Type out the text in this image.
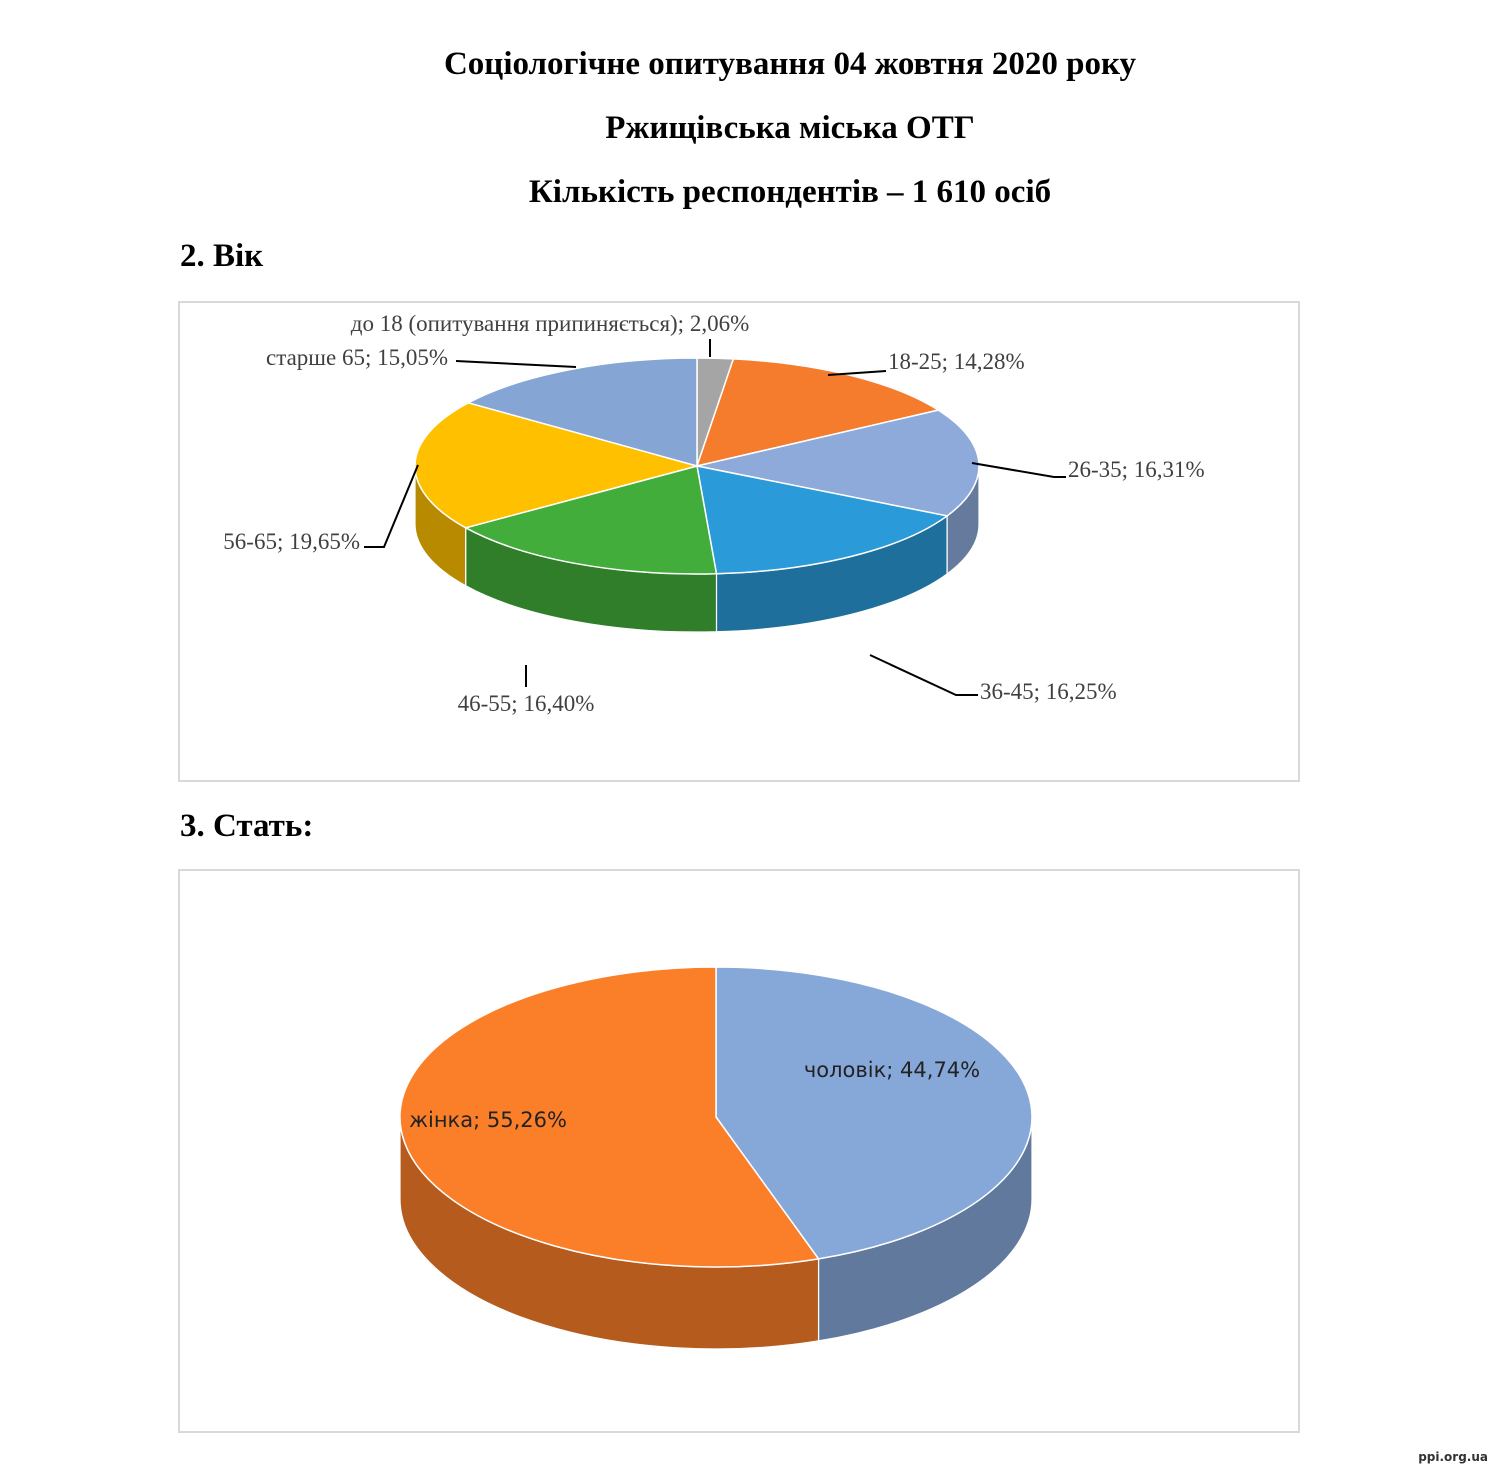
Соціологічне опитування 04 жовтня 2020 року
Ржищівська міська ОТГ
Кількість респондентів – 1 610 осіб
2. Вік
до 18 (опитування припиняється); 2,06%
18-25; 14,28%
26-35; 16,31%
36-45; 16,25%
46-55; 16,40%
56-65; 19,65%
старше 65; 15,05%
3. Стать:
чоловік; 44,74%
жінка; 55,26%
ppi.org.ua
